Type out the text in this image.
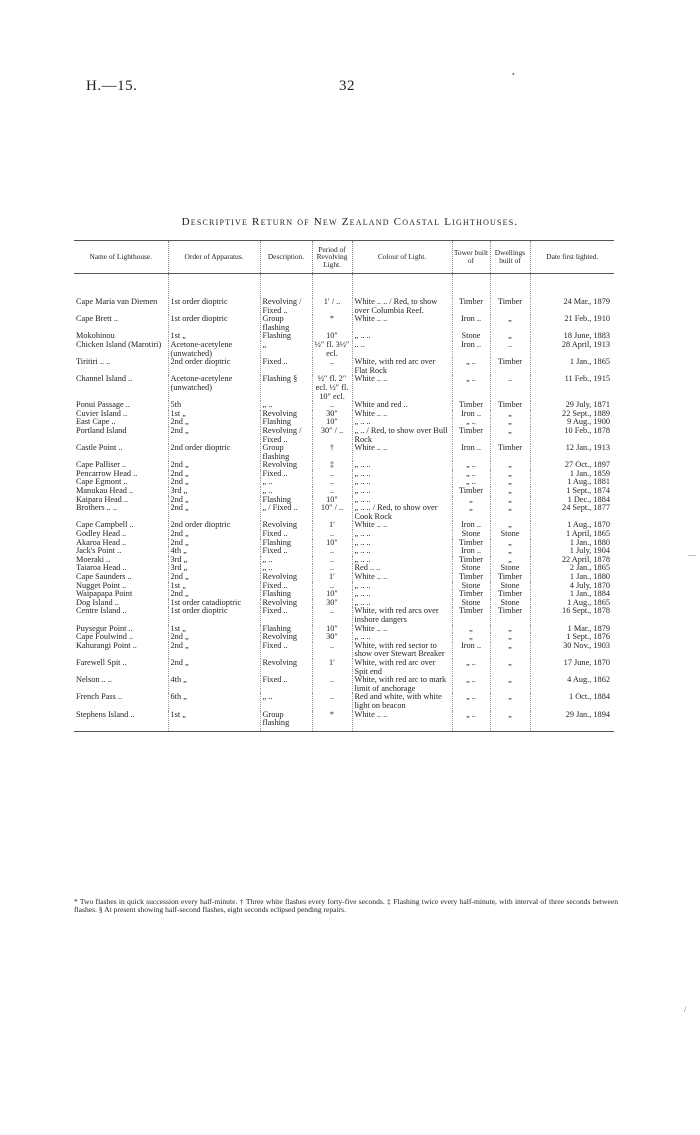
H.—15.	32
Descriptive Return of New Zealand Coastal Lighthouses.
Name of Lighthouse.	Order of Apparatus.	Description.	Period of Revolving Light.	Colour of Light.	Tower built of	Dwellings built of	Date first lighted.

Cape Maria van Diemen	1st order dioptric	Revolving / Fixed ..	1′ / ..	White .. .. / Red, to show over Columbia Reef.	Timber	Timber	24 Mar., 1879
Cape Brett ..	1st order dioptric	Group flashing	*	White .. ..	Iron ..	„	21 Feb., 1910
Mokohinou	1st „	Flashing	10″	„ .. ..	Stone	„	18 June, 1883
Chicken Island (Marotiri)	Acetone-acetylene (unwatched)	„	½″ fl. 3½″ ecl.	.. ..	Iron ..	..	28 April, 1913
Tiritiri .. ..	2nd order dioptric	Fixed ..	..	White, with red arc over Flat Rock	„ ..	Timber	1 Jan., 1865
Channel Island ..	Acetone-acetylene (unwatched)	Flashing §	½″ fl. 2″ ecl. ½″ fl. 10″ ecl.	White .. ..	„ ..	..	11 Feb., 1915
Ponui Passage ..	5th	„ ..	..	White and red ..	Timber	Timber	29 July, 1871
Cuvier Island ..	1st „	Revolving	30″	White .. ..	Iron ..	„	22 Sept., 1889
East Cape ..	2nd „	Flashing	10″	„ .. ..	„ ..	„	9 Aug., 1900
Portland Island	2nd „	Revolving / Fixed ..	30″ / ..	„ .. / Red, to show over Bull Rock	Timber	„	10 Feb., 1878
Castle Point ..	2nd order dioptric	Group flashing	†	White .. ..	Iron ..	Timber	12 Jan., 1913
Cape Palliser ..	2nd „	Revolving	‡	„ .. ..	„ ..	„	27 Oct., 1897
Pencarrow Head ..	2nd „	Fixed ..	..	„ .. ..	„ ..	„	1 Jan., 1859
Cape Egmont ..	2nd „	„ ..	..	„ .. ..	„ ..	„	1 Aug., 1881
Manukau Head ..	3rd „	„ ..	..	„ .. ..	Timber	„	1 Sept., 1874
Kaipara Head ..	2nd „	Flashing	10″	„ .. ..	„	„	1 Dec., 1884
Brothers .. ..	2nd „	„ / Fixed ..	10″ / ..	„ .. .. / Red, to show over Cook Rock	„	„	24 Sept., 1877
Cape Campbell ..	2nd order dioptric	Revolving	1′	White .. ..	Iron ..	„	1 Aug., 1870
Godley Head ..	2nd „	Fixed ..	..	„ .. ..	Stone	Stone	1 April, 1865
Akaroa Head ..	2nd „	Flashing	10″	„ .. ..	Timber	„	1 Jan., 1880
Jack's Point ..	4th „	Fixed ..	..	„ .. ..	Iron ..	„	1 July, 1904
Moeraki ..	3rd „	„ ..	..	„ .. ..	Timber	„	22 April, 1878
Taiaroa Head ..	3rd „	„ ..	..	Red .. ..	Stone	Stone	2 Jan., 1865
Cape Saunders ..	2nd „	Revolving	1′	White .. ..	Timber	Timber	1 Jan., 1880
Nugget Point ..	1st „	Fixed ..	..	„ .. ..	Stone	Stone	4 July, 1870
Waipapapa Point	2nd „	Flashing	10″	„ .. ..	Timber	Timber	1 Jan., 1884
Dog Island ..	1st order catadioptric	Revolving	30″	„ .. ..	Stone	Stone	1 Aug., 1865
Centre Island ..	1st order dioptric	Fixed ..	..	White, with red arcs over inshore dangers	Timber	Timber	16 Sept., 1878
Puysegur Point ..	1st „	Flashing	10″	White .. ..	„	„	1 Mar., 1879
Cape Foulwind ..	2nd „	Revolving	30″	„ .. ..	„	„	1 Sept., 1876
Kahurangi Point ..	2nd „	Fixed ..	..	White, with red sector to show over Stewart Breaker	Iron ..	„	30 Nov., 1903
Farewell Spit ..	2nd „	Revolving	1′	White, with red arc over Spit end	„ ..	„	17 June, 1870
Nelson .. ..	4th „	Fixed ..	..	White, with red arc to mark limit of anchorage	„ ..	„	4 Aug., 1862
French Pass ..	6th „	„ ..	..	Red and white, with white light on beacon	„ ..	„	1 Oct., 1884
Stephens Island ..	1st „	Group flashing	*	White .. ..	„ ..	„	29 Jan., 1894
* Two flashes in quick succession every half-minute. † Three white flashes every forty-five seconds. ‡ Flashing twice every half-minute, with interval of three seconds between flashes. § At present showing half-second flashes, eight seconds eclipsed pending repairs.
•
—
/
